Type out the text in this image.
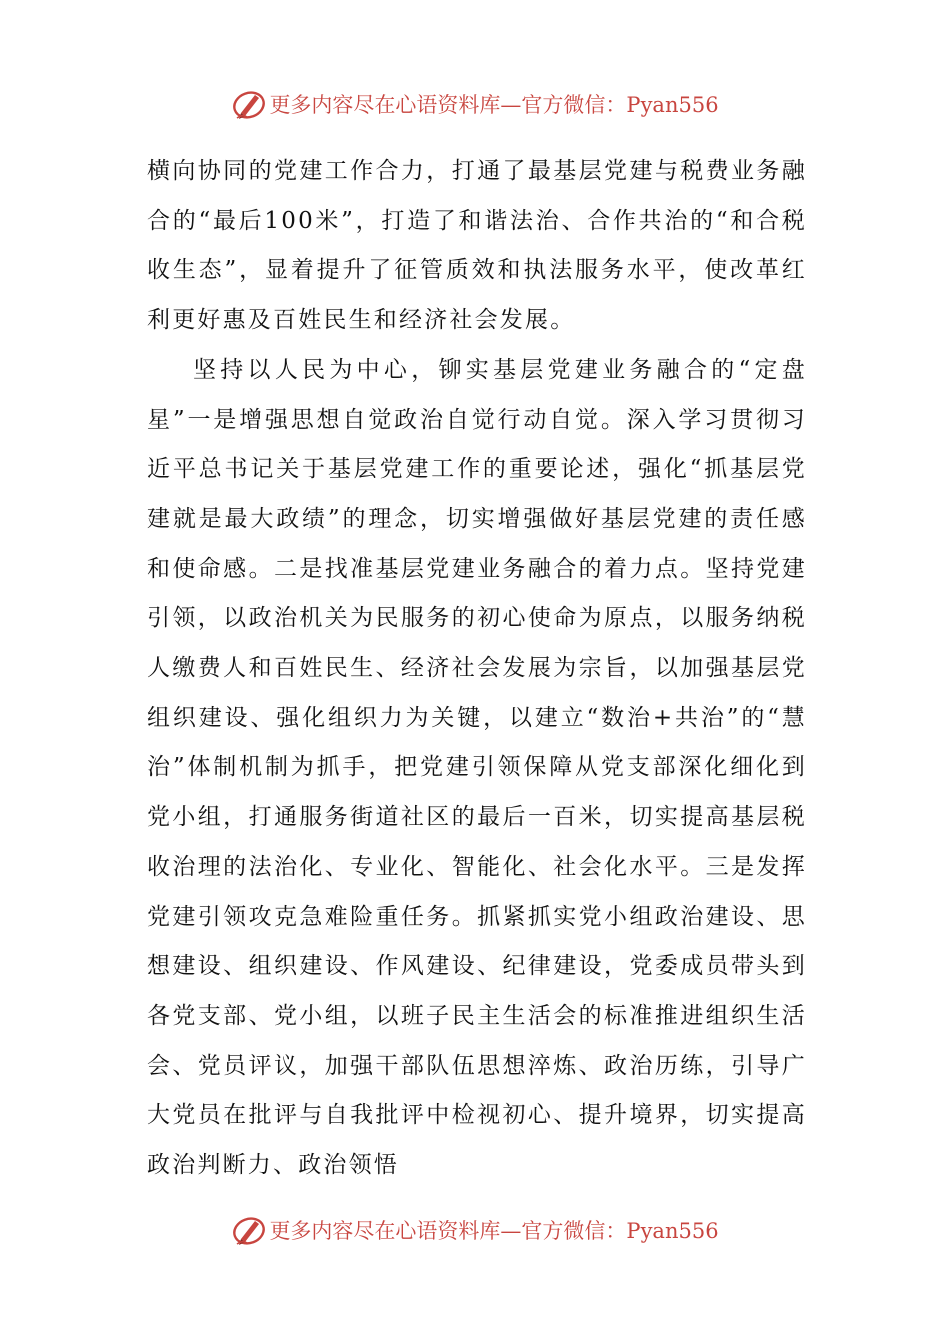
更多内容尽在心语资料库—官方微信：Pyan556

横向协同的党建工作合力，打通了最基层党建与税费业务融合的“最后100米”，打造了和谐法治、合作共治的“和合税收生态”，显着提升了征管质效和执法服务水平，使改革红利更好惠及百姓民生和经济社会发展。

坚持以人民为中心，铆实基层党建业务融合的“定盘星”一是增强思想自觉政治自觉行动自觉。深入学习贯彻习近平总书记关于基层党建工作的重要论述，强化“抓基层党建就是最大政绩”的理念，切实增强做好基层党建的责任感和使命感。二是找准基层党建业务融合的着力点。坚持党建引领，以政治机关为民服务的初心使命为原点，以服务纳税人缴费人和百姓民生、经济社会发展为宗旨，以加强基层党组织建设、强化组织力为关键，以建立“数治+共治”的“慧治”体制机制为抓手，把党建引领保障从党支部深化细化到党小组，打通服务街道社区的最后一百米，切实提高基层税收治理的法治化、专业化、智能化、社会化水平。三是发挥党建引领攻克急难险重任务。抓紧抓实党小组政治建设、思想建设、组织建设、作风建设、纪律建设，党委成员带头到各党支部、党小组，以班子民主生活会的标准推进组织生活会、党员评议，加强干部队伍思想淬炼、政治历练，引导广大党员在批评与自我批评中检视初心、提升境界，切实提高政治判断力、政治领悟

更多内容尽在心语资料库—官方微信：Pyan556
